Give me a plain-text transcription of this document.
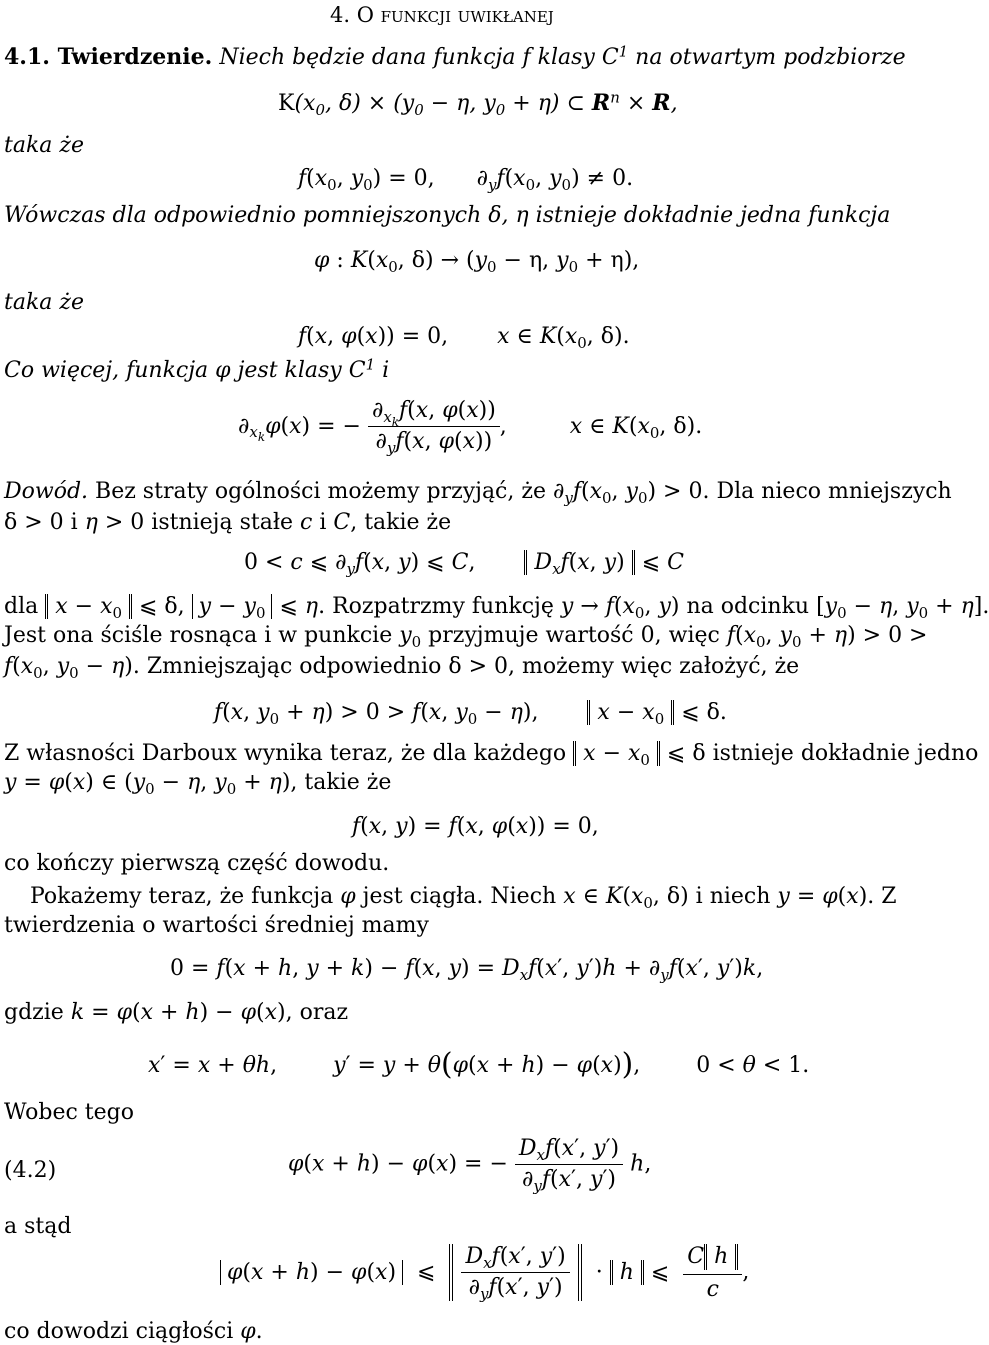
4. O funkcji uwikłanej
4.1. Twierdzenie. Niech będzie dana funkcja f klasy $C^1$ na otwartym podzbiorze
$K(x_0$, $\delta) \times (y_0 - \eta$, $y_0 + \eta$) ⊂ $R^n \times R$,
taka że
$f(x_0$, $y_0) = 0$,      $\partial_yf(x_0$, $y_0) \ne 0$.
Wówczas dla odpowiednio pomniejszonych δ, η istnieje dokładnie jedna funkcja
φ : $K(x_0$, $\delta) \to (y_0 - \eta$, $y_0 + \eta$),
taka że
f(x, φ(x)) = 0,       x ∈ $K(x_0$, δ).
Co więcej, funkcja φ jest klasy $C^1$ i
$\partial_{x_k}\varphi(x)$ = − $\frac{\partial_{x_k}f(x, \varphi(x))}{\partial_yf(x, \varphi(x))}$ ,         x ∈ $K(x_0$, δ).
Dowód. Bez straty ogólności możemy przyjąć, że $\partial_yf(x_0$, $y_0) > 0$. Dla nieco mniejszych
δ > 0 i η > 0 istnieją stałe c i C, takie że
0 < c ⩽ $\partial_yf(x$, y) ⩽ C,       $D_xf(x$, y) ⩽ C
dla $x - x_0$ ⩽ δ, $y - y_0$ ⩽ η. Rozpatrzmy funkcję $y \to f(x_0$, y) na odcinku [$y_0 - \eta$, $y_0 + \eta$].
Jest ona ściśle rosnąca i w punkcie $y_0$ przyjmuje wartość 0, więc $f(x_0$, $y_0 + \eta) > 0$ >
$f(x_0$, $y_0 - \eta$). Zmniejszając odpowiednio δ > 0, możemy więc założyć, że
f(x, $y_0 + \eta) > 0 > f(x$, $y_0 - \eta$),       $x - x_0$ ⩽ δ.
Z własności Darboux wynika teraz, że dla każdego $x - x_0$ ⩽ δ istnieje dokładnie jedno
y = φ(x) ∈ ($y_0 - \eta$, $y_0 + \eta$), takie że
f(x, y) = f(x, φ(x)) = 0,
co kończy pierwszą część dowodu.
Pokażemy teraz, że funkcja φ jest ciągła. Niech x ∈ $K(x_0$, δ) i niech y = φ(x). Z
twierdzenia o wartości średniej mamy
0 = f(x + h, y + k) − f(x, $y) = D_xf(x'$, $y')h + \partial_yf(x'$, y′)k,
gdzie k = φ(x + h) − φ(x), oraz
x′ = x + θh,        y′ = y + θ(φ(x + h) − φ(x)),        0 < θ < 1.
Wobec tego
(4.2)	φ(x + h) − φ(x) = − $\frac{D_xf(x', y')}{\partial_yf(x', y')} h$,
a stąd
φ(x + h) − φ(x)  ⩽ $\frac{D_xf(x', y')}{\partial_yf(x', y')} \cdot h$ ⩽ $\frac{\text{C h}}{c}$ ,
co dowodzi ciągłości φ.
